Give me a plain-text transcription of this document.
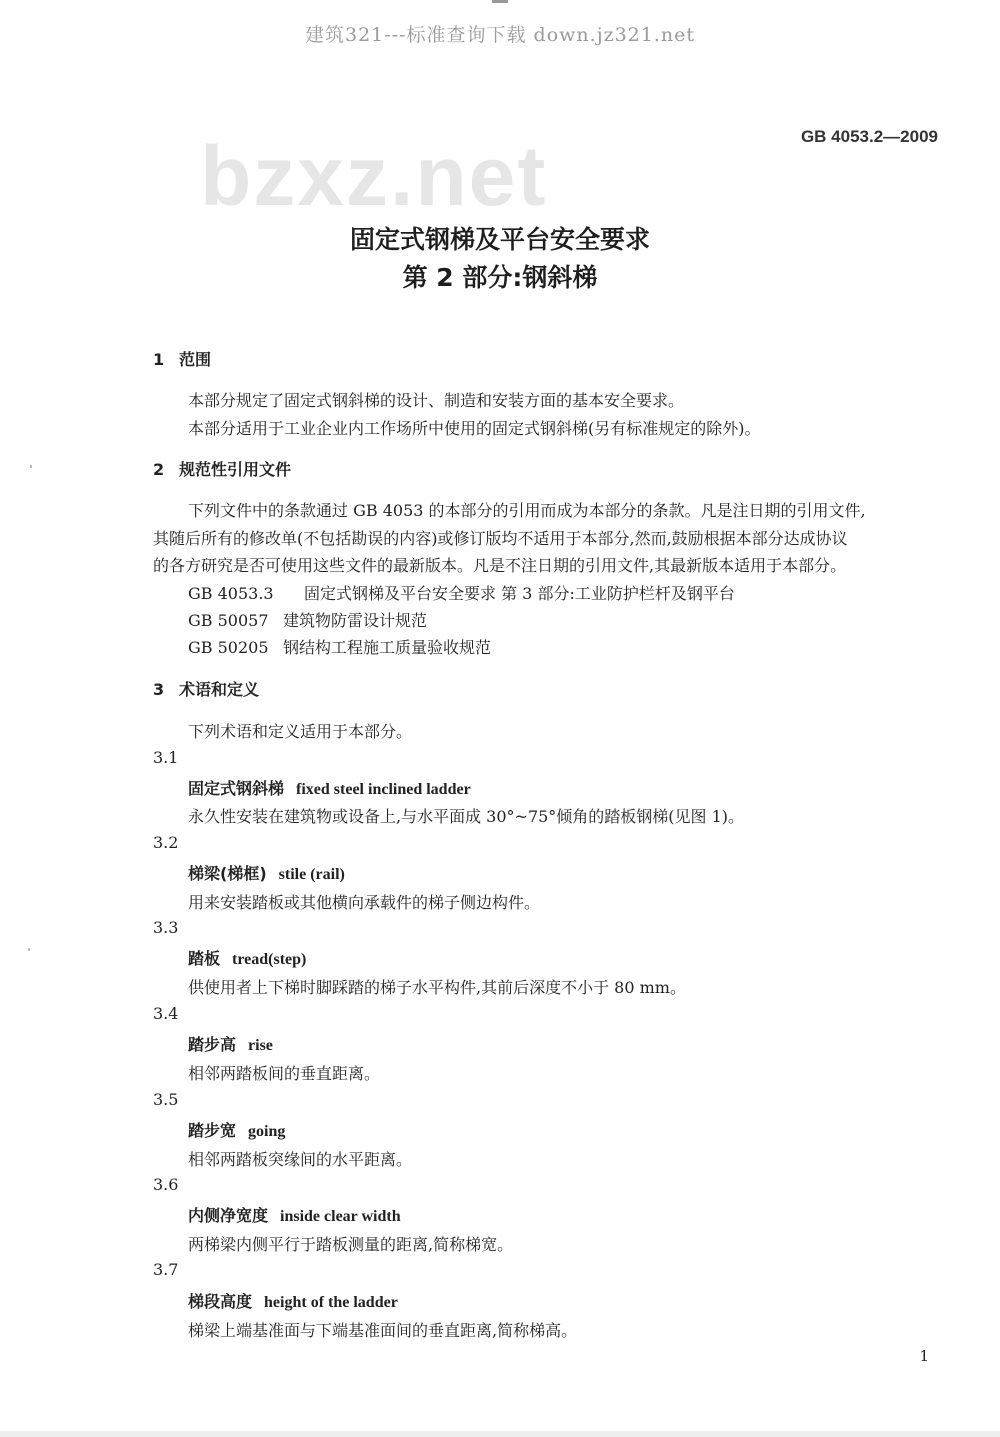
建筑321---标准查询下载 down.jz321.net
GB 4053.2—2009
bzxz.net
固定式钢梯及平台安全要求
第 2 部分:钢斜梯
1 范围
本部分规定了固定式钢斜梯的设计、制造和安装方面的基本安全要求。
本部分适用于工业企业内工作场所中使用的固定式钢斜梯(另有标准规定的除外)。
2 规范性引用文件
下列文件中的条款通过 GB 4053 的本部分的引用而成为本部分的条款。凡是注日期的引用文件,
其随后所有的修改单(不包括勘误的内容)或修订版均不适用于本部分,然而,鼓励根据本部分达成协议
的各方研究是否可使用这些文件的最新版本。凡是不注日期的引用文件,其最新版本适用于本部分。
GB 4053.3 固定式钢梯及平台安全要求 第 3 部分:工业防护栏杆及钢平台
GB 50057 建筑物防雷设计规范
GB 50205 钢结构工程施工质量验收规范
3 术语和定义
下列术语和定义适用于本部分。
3.1
固定式钢斜梯 fixed steel inclined ladder
永久性安装在建筑物或设备上,与水平面成 30°~75°倾角的踏板钢梯(见图 1)。
3.2
梯梁(梯框) stile (rail)
用来安装踏板或其他横向承载件的梯子侧边构件。
3.3
踏板 tread(step)
供使用者上下梯时脚踩踏的梯子水平构件,其前后深度不小于 80 mm。
3.4
踏步高 rise
相邻两踏板间的垂直距离。
3.5
踏步宽 going
相邻两踏板突缘间的水平距离。
3.6
内侧净宽度 inside clear width
两梯梁内侧平行于踏板测量的距离,简称梯宽。
3.7
梯段高度 height of the ladder
梯梁上端基准面与下端基准面间的垂直距离,简称梯高。
1
